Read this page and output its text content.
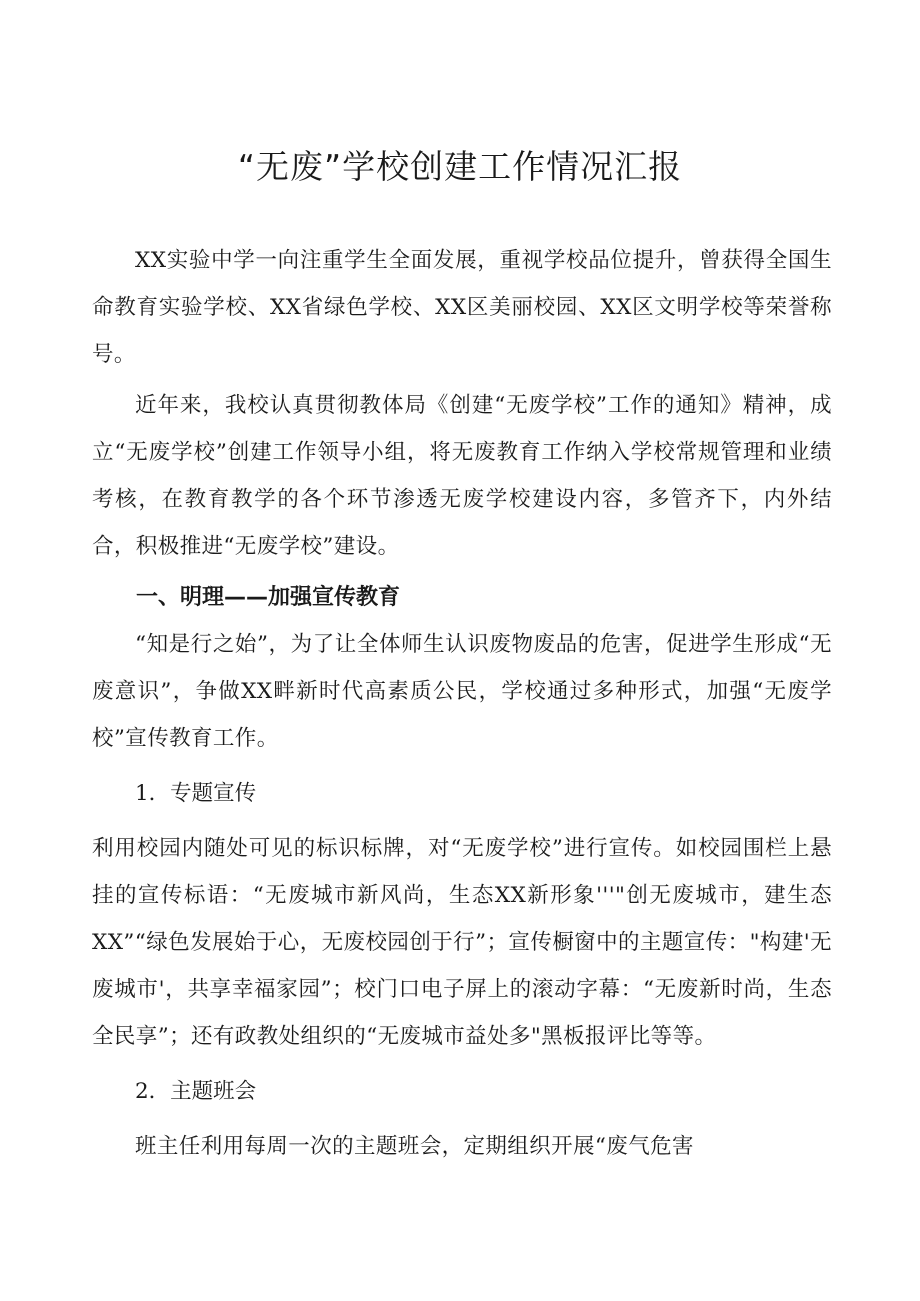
“无废”学校创建工作情况汇报

XX实验中学一向注重学生全面发展，重视学校品位提升，曾获得全国生命教育实验学校、XX省绿色学校、XX区美丽校园、XX区文明学校等荣誉称号。

近年来，我校认真贯彻教体局《创建“无废学校”工作的通知》精神，成立“无废学校”创建工作领导小组，将无废教育工作纳入学校常规管理和业绩考核，在教育教学的各个环节渗透无废学校建设内容，多管齐下，内外结合，积极推进“无废学校”建设。

一、明理——加强宣传教育

“知是行之始”，为了让全体师生认识废物废品的危害，促进学生形成“无废意识”，争做XX畔新时代高素质公民，学校通过多种形式，加强“无废学校”宣传教育工作。

1．专题宣传

利用校园内随处可见的标识标牌，对“无废学校”进行宣传。如校园围栏上悬挂的宣传标语：“无废城市新风尚，生态XX新形象'''"创无废城市，建生态XX”“绿色发展始于心，无废校园创于行”；宣传橱窗中的主题宣传："构建'无废城市'，共享幸福家园”；校门口电子屏上的滚动字幕：“无废新时尚，生态全民享”；还有政教处组织的“无废城市益处多"黑板报评比等等。

2．主题班会

班主任利用每周一次的主题班会，定期组织开展“废气危害
